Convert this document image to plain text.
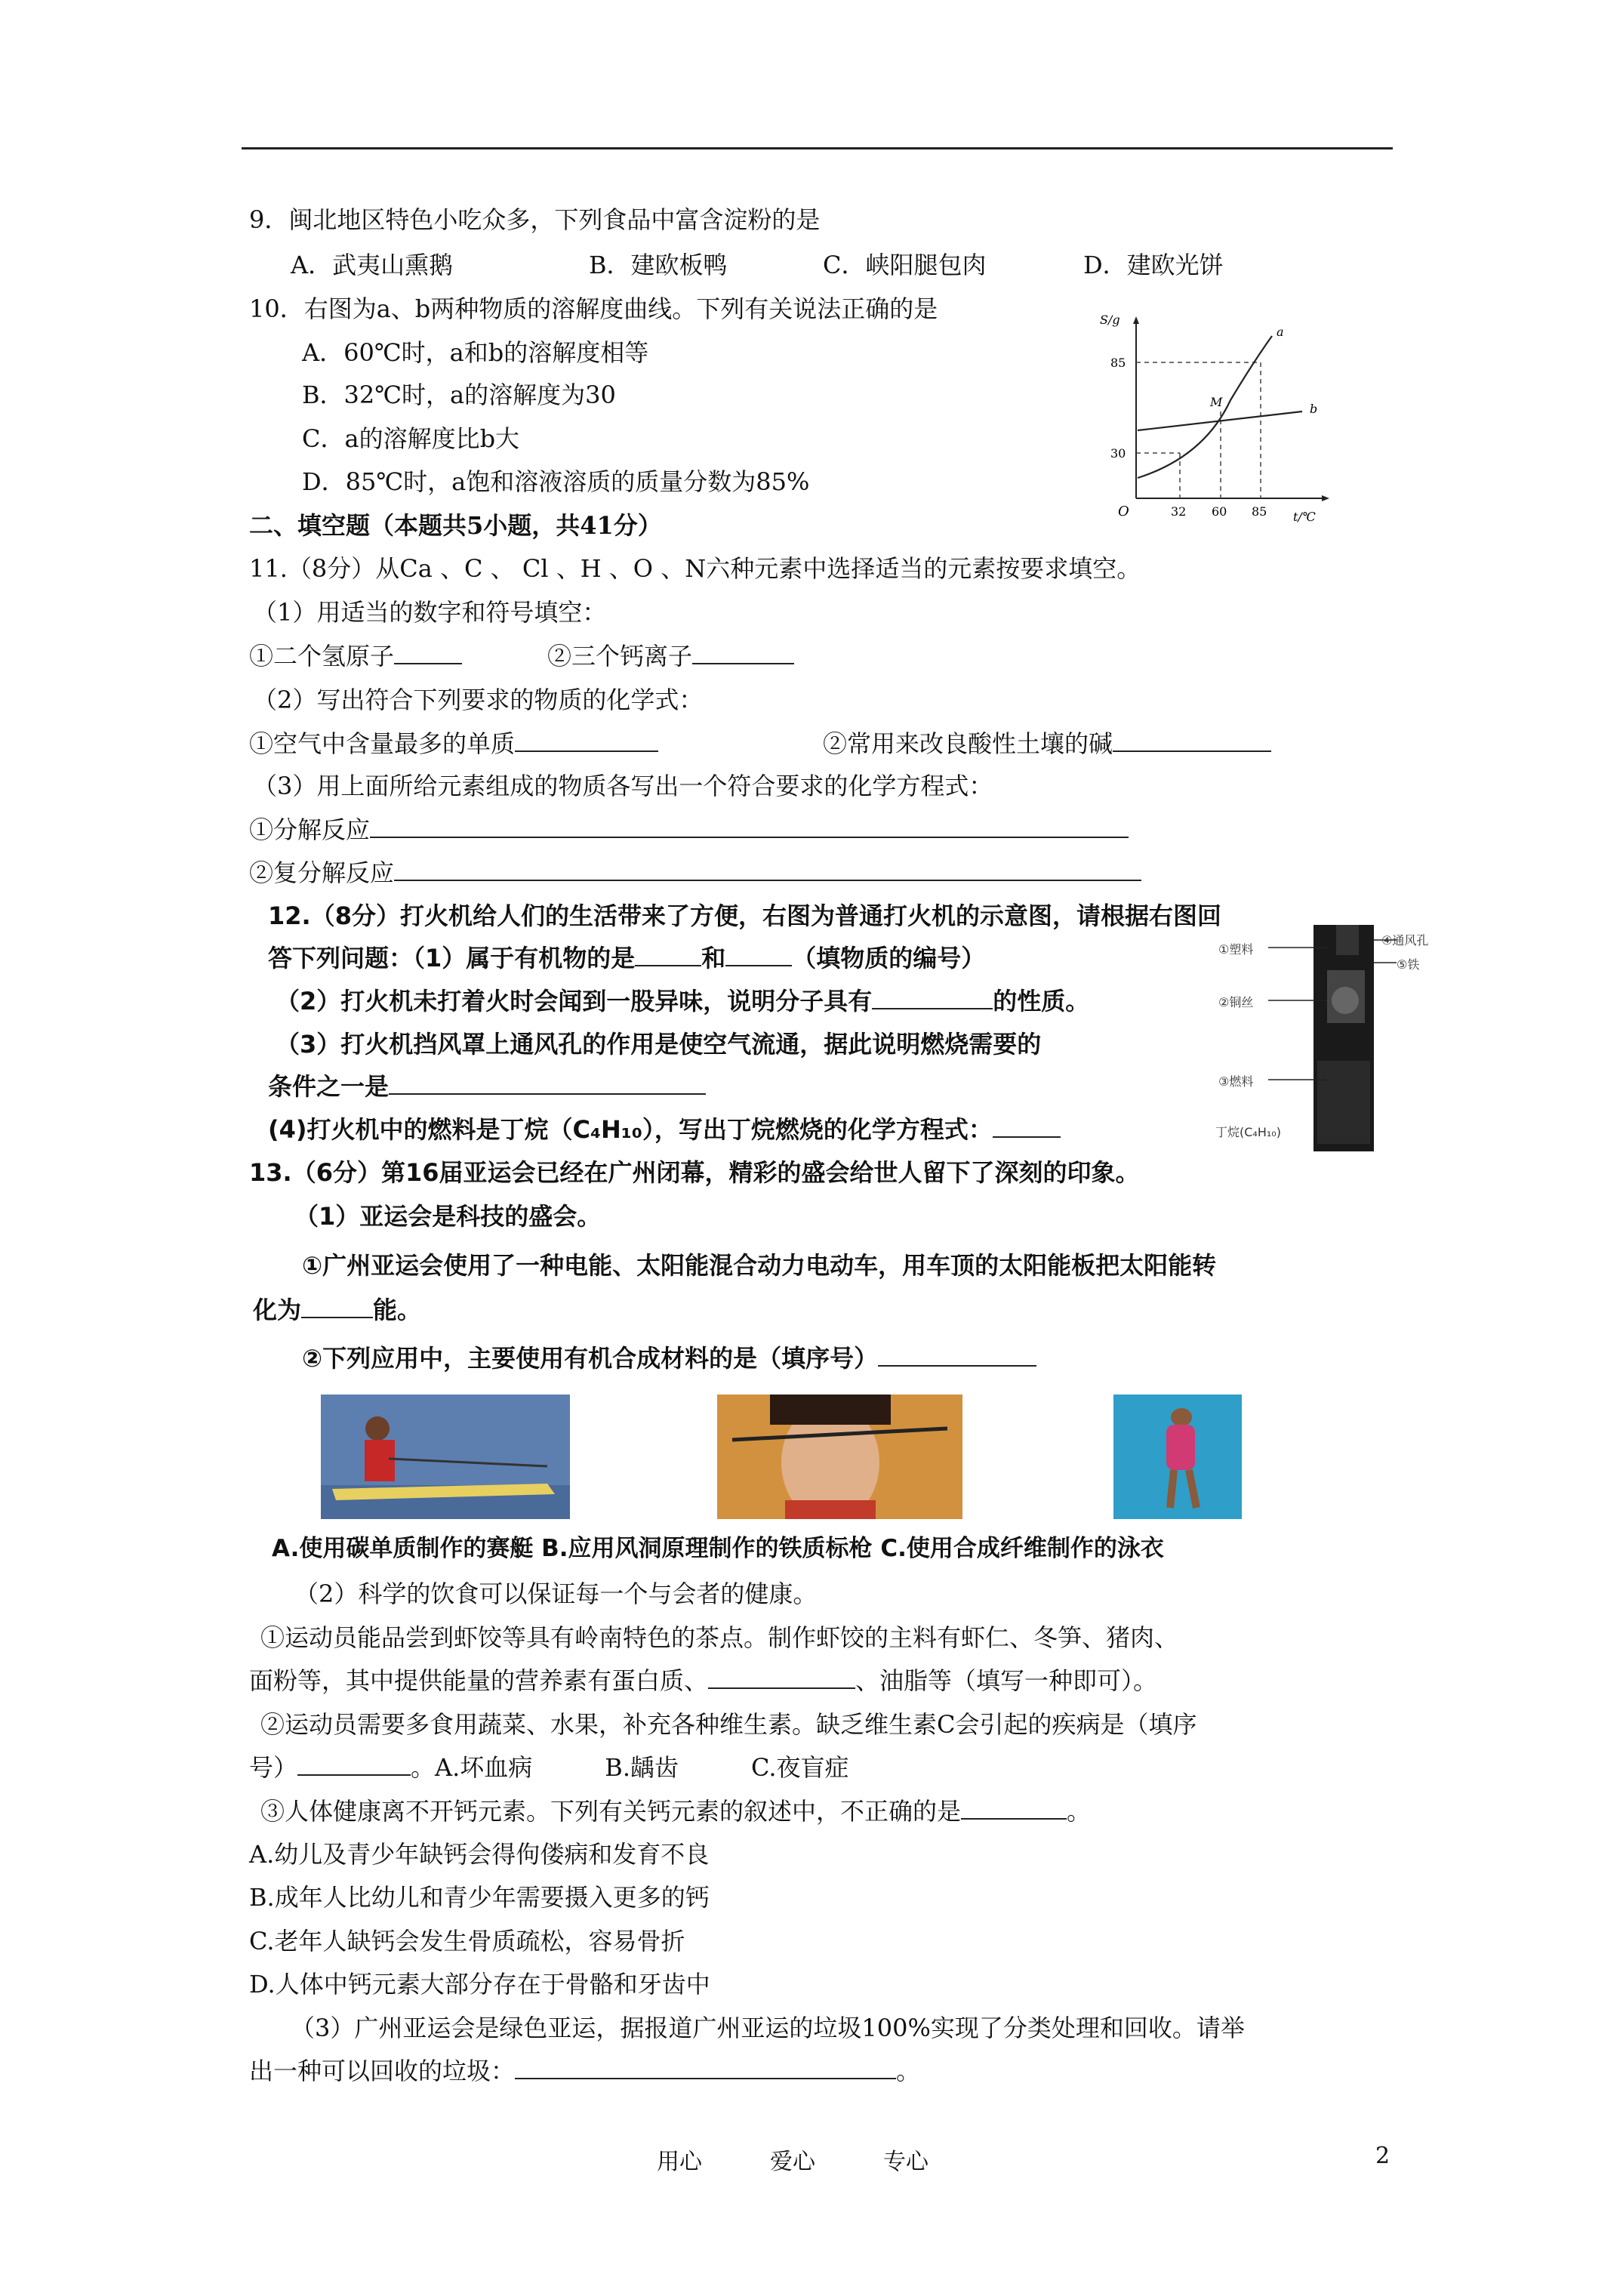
9．闽北地区特色小吃众多，下列食品中富含淀粉的是
A．武夷山熏鹅	B．建欧板鸭	C．峡阳腿包肉	D．建欧光饼
10．右图为a、b两种物质的溶解度曲线。下列有关说法正确的是
A．60℃时，a和b的溶解度相等
B．32℃时，a的溶解度为30
C．a的溶解度比b大
D．85℃时，a饱和溶液溶质的质量分数为85%
S/g
t/℃
O
85
30
32 60 85
a
b
M
二、填空题（本题共5小题，共41分）
11.（8分）从Ca 、C 、 Cl 、H 、O 、N六种元素中选择适当的元素按要求填空。
（1）用适当的数字和符号填空：
①二个氢原子	②三个钙离子
（2）写出符合下列要求的物质的化学式：
①空气中含量最多的单质	②常用来改良酸性土壤的碱
（3）用上面所给元素组成的物质各写出一个符合要求的化学方程式：
①分解反应
②复分解反应
12.（8分）打火机给人们的生活带来了方便，右图为普通打火机的示意图，请根据右图回
答下列问题：（1）属于有机物的是	和	（填物质的编号）
（2）打火机未打着火时会闻到一股异味，说明分子具有	的性质。
（3）打火机挡风罩上通风孔的作用是使空气流通，据此说明燃烧需要的
条件之一是
(4)打火机中的燃料是丁烷（C₄H₁₀），写出丁烷燃烧的化学方程式：
①塑料
②铜丝
③燃料
④通风孔
⑤铁
丁烷(C₄H₁₀)
13.（6分）第16届亚运会已经在广州闭幕，精彩的盛会给世人留下了深刻的印象。
（1）亚运会是科技的盛会。
①广州亚运会使用了一种电能、太阳能混合动力电动车，用车顶的太阳能板把太阳能转
化为	能。
②下列应用中，主要使用有机合成材料的是（填序号）
A.使用碳单质制作的赛艇 B.应用风洞原理制作的铁质标枪 C.使用合成纤维制作的泳衣
（2）科学的饮食可以保证每一个与会者的健康。
①运动员能品尝到虾饺等具有岭南特色的茶点。制作虾饺的主料有虾仁、冬笋、猪肉、
面粉等，其中提供能量的营养素有蛋白质、	、油脂等（填写一种即可）。
②运动员需要多食用蔬菜、水果，补充各种维生素。缺乏维生素C会引起的疾病是（填序
号）	。A.坏血病　　　B.龋齿　　　C.夜盲症
③人体健康离不开钙元素。下列有关钙元素的叙述中，不正确的是	。
A.幼儿及青少年缺钙会得佝偻病和发育不良
B.成年人比幼儿和青少年需要摄入更多的钙
C.老年人缺钙会发生骨质疏松，容易骨折
D.人体中钙元素大部分存在于骨骼和牙齿中
（3）广州亚运会是绿色亚运，据报道广州亚运的垃圾100%实现了分类处理和回收。请举
出一种可以回收的垃圾：	。
用心　　　爱心　　　专心	2
